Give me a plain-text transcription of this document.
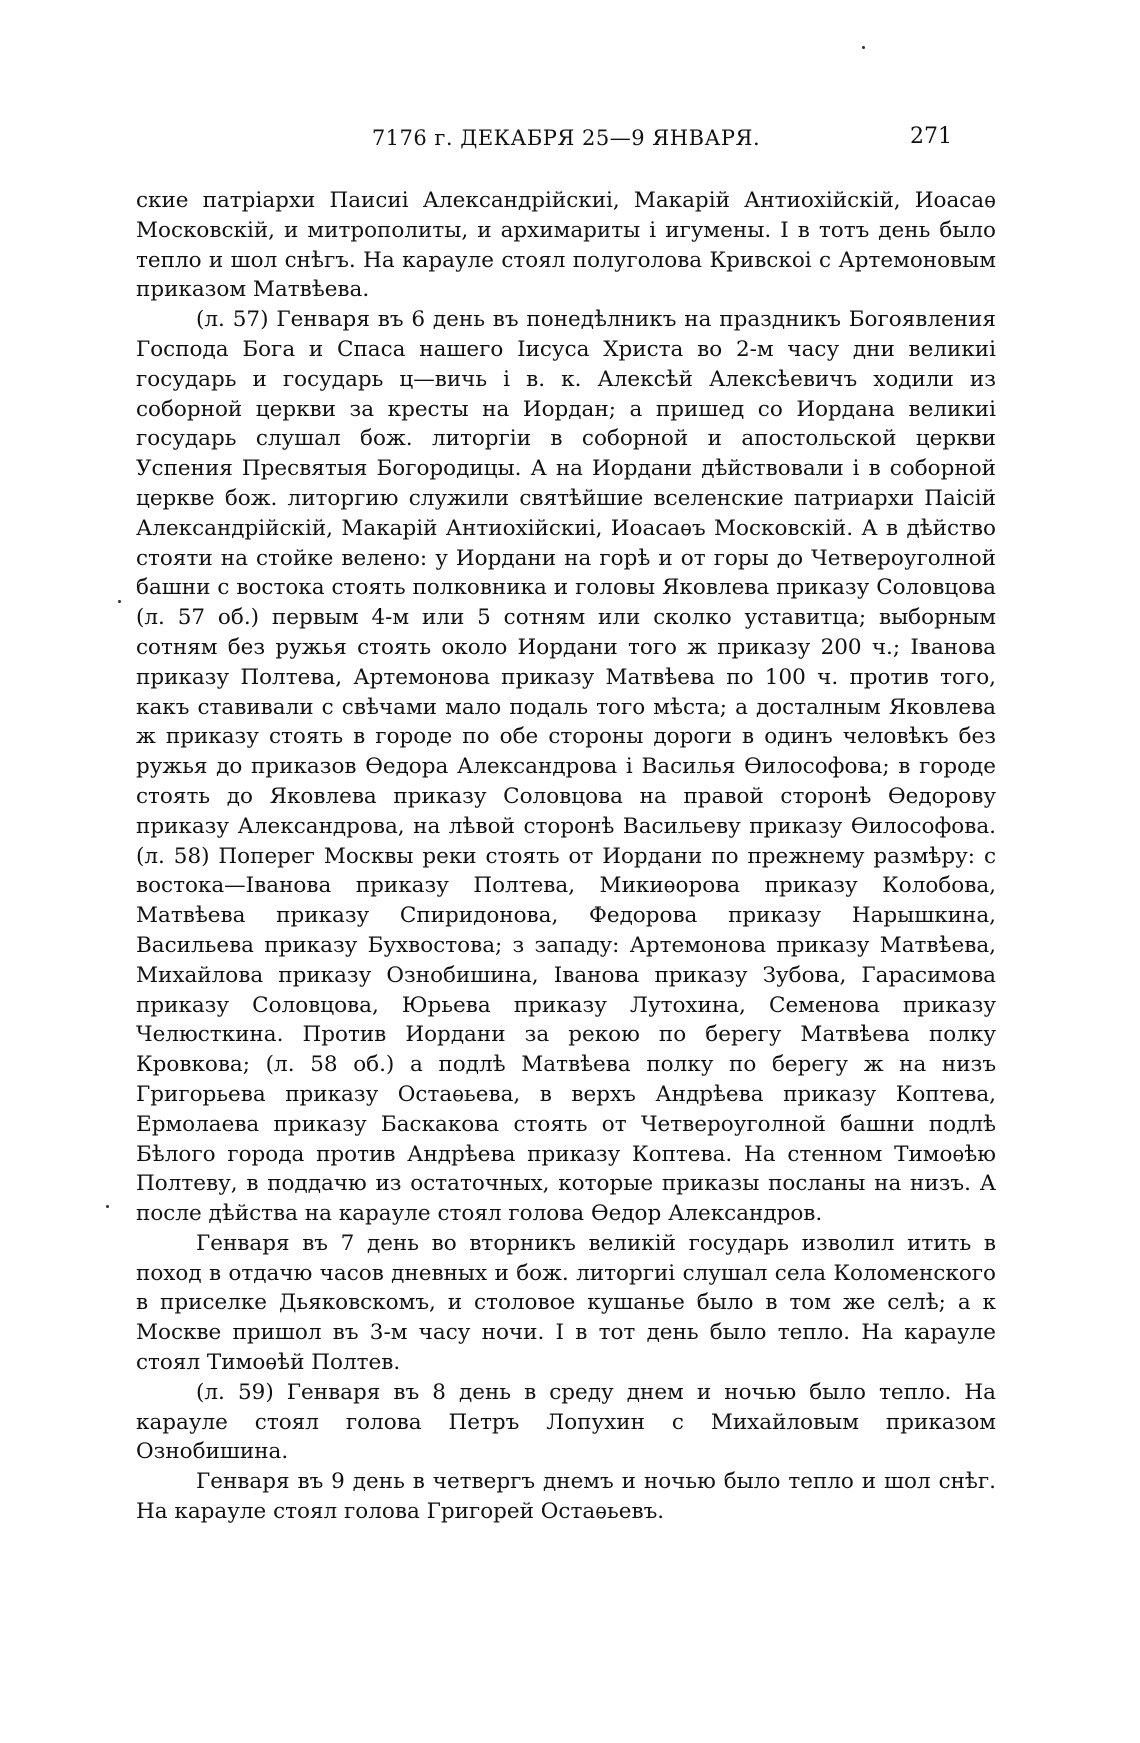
7176 г. ДЕКАБРЯ 25—9 ЯНВАРЯ.	271

ские патріархи Паисиі Александрійскиі, Макарій Антиохійскій, Иоасаѳ Московскій, и митрополиты, и архимариты і игумены. І в тотъ день было тепло и шол снѣгъ. На карауле стоял полуголова Кривскоі с Артемоновым приказом Матвѣева.

(л. 57) Генваря въ 6 день въ понедѣлникъ на праздникъ Богоявления Господа Бога и Спаса нашего Іисуса Христа во 2-м часу дни великиі государь и государь ц—вичь і в. к. Алексѣй Алексѣевичъ ходили из соборной церкви за кресты на Иордан; а пришед со Иордана великиі государь слушал бож. литоргіи в соборной и апостольской церкви Успения Пресвятыя Богородицы. А на Иордани дѣйствовали і в соборной церкве бож. литоргию служили святѣйшие вселенские патриархи Паісій Александрійскій, Макарій Антиохійскиі, Иоасаѳъ Московскій. А в дѣйство стояти на стойке велено: у Иордани на горѣ и от горы до Четвероуголной башни с востока стоять полковника и головы Яковлева приказу Соловцова (л. 57 об.) первым 4-м или 5 сотням или сколко уставитца; выборным сотням без ружья стоять около Иордани того ж приказу 200 ч.; Іванова приказу Полтева, Артемонова приказу Матвѣева по 100 ч. против того, какъ ставивали с свѣчами мало подаль того мѣста; а досталным Яковлева ж приказу стоять в городе по обе стороны дороги в одинъ человѣкъ без ружья до приказов Ѳедора Александрова і Василья Ѳилософова; в городе стоять до Яковлева приказу Соловцова на правой сторонѣ Ѳедорову приказу Александрова, на лѣвой сторонѣ Васильеву приказу Ѳилософова. (л. 58) Поперег Москвы реки стоять от Иордани по прежнему размѣру: с востока—Іванова приказу Полтева, Микиѳорова приказу Колобова, Матвѣева приказу Спиридонова, Федорова приказу Нарышкина, Васильева приказу Бухвостова; з западу: Артемонова приказу Матвѣева, Михайлова приказу Ознобишина, Іванова приказу Зубова, Гарасимова приказу Соловцова, Юрьева приказу Лутохина, Семенова приказу Челюсткина. Против Иордани за рекою по берегу Матвѣева полку Кровкова; (л. 58 об.) а подлѣ Матвѣева полку по берегу ж на низъ Григорьева приказу Остаѳьева, в верхъ Андрѣева приказу Коптева, Ермолаева приказу Баскакова стоять от Четвероуголной башни подлѣ Бѣлого города против Андрѣева приказу Коптева. На стенном Тимоѳѣю Полтеву, в поддачю из остаточных, которые приказы посланы на низъ. А после дѣйства на карауле стоял голова Ѳедор Александров.

Генваря въ 7 день во вторникъ великій государь изволил итить в поход в отдачю часов дневных и бож. литоргиі слушал села Коломенского в приселке Дьяковскомъ, и столовое кушанье было в том же селѣ; а к Москве пришол въ 3-м часу ночи. І в тот день было тепло. На карауле стоял Тимоѳѣй Полтев.

(л. 59) Генваря въ 8 день в среду днем и ночью было тепло. На карауле стоял голова Петръ Лопухин с Михайловым приказом Ознобишина.

Генваря въ 9 день в четвергъ днемъ и ночью было тепло и шол снѣг. На карауле стоял голова Григорей Остаѳьевъ.
